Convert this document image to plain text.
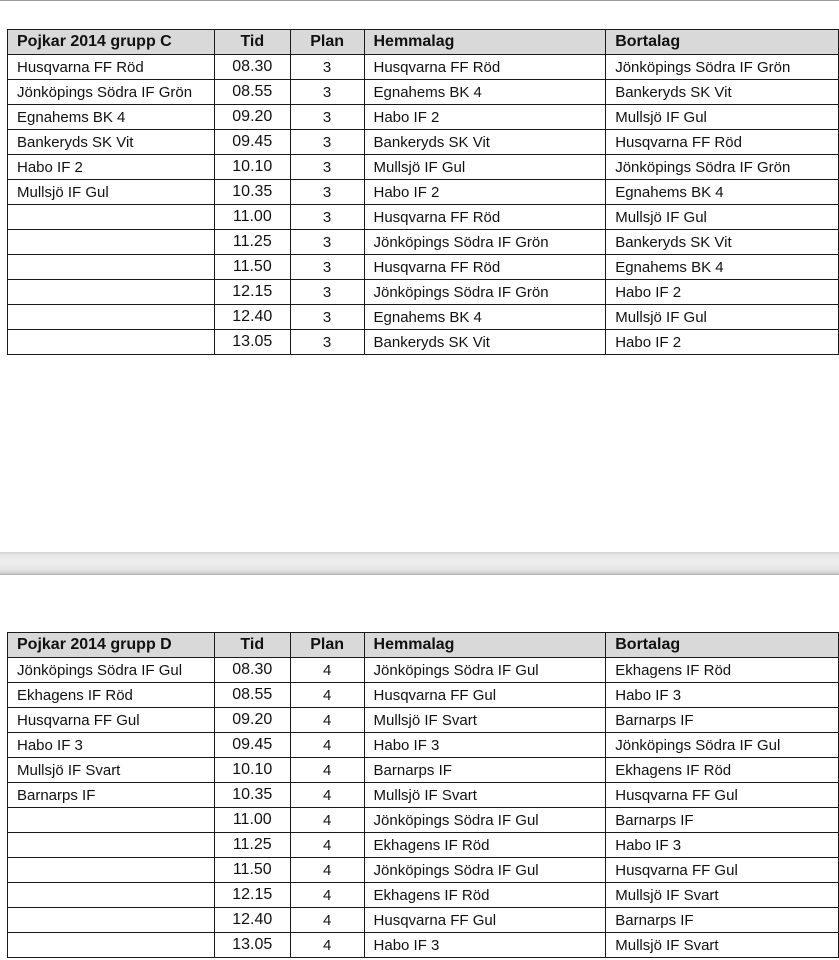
Pojkar 2014 grupp C	Tid	Plan	Hemmalag	Bortalag
Husqvarna FF Röd	08.30	3	Husqvarna FF Röd	Jönköpings Södra IF Grön
Jönköpings Södra IF Grön	08.55	3	Egnahems BK 4	Bankeryds SK Vit
Egnahems BK 4	09.20	3	Habo IF 2	Mullsjö IF Gul
Bankeryds SK Vit	09.45	3	Bankeryds SK Vit	Husqvarna FF Röd
Habo IF 2	10.10	3	Mullsjö IF Gul	Jönköpings Södra IF Grön
Mullsjö IF Gul	10.35	3	Habo IF 2	Egnahems BK 4
	11.00	3	Husqvarna FF Röd	Mullsjö IF Gul
	11.25	3	Jönköpings Södra IF Grön	Bankeryds SK Vit
	11.50	3	Husqvarna FF Röd	Egnahems BK 4
	12.15	3	Jönköpings Södra IF Grön	Habo IF 2
	12.40	3	Egnahems BK 4	Mullsjö IF Gul
	13.05	3	Bankeryds SK Vit	Habo IF 2
Pojkar 2014 grupp D	Tid	Plan	Hemmalag	Bortalag
Jönköpings Södra IF Gul	08.30	4	Jönköpings Södra IF Gul	Ekhagens IF Röd
Ekhagens IF Röd	08.55	4	Husqvarna FF Gul	Habo IF 3
Husqvarna FF Gul	09.20	4	Mullsjö IF Svart	Barnarps IF
Habo IF 3	09.45	4	Habo IF 3	Jönköpings Södra IF Gul
Mullsjö IF Svart	10.10	4	Barnarps IF	Ekhagens IF Röd
Barnarps IF	10.35	4	Mullsjö IF Svart	Husqvarna FF Gul
	11.00	4	Jönköpings Södra IF Gul	Barnarps IF
	11.25	4	Ekhagens IF Röd	Habo IF 3
	11.50	4	Jönköpings Södra IF Gul	Husqvarna FF Gul
	12.15	4	Ekhagens IF Röd	Mullsjö IF Svart
	12.40	4	Husqvarna FF Gul	Barnarps IF
	13.05	4	Habo IF 3	Mullsjö IF Svart
